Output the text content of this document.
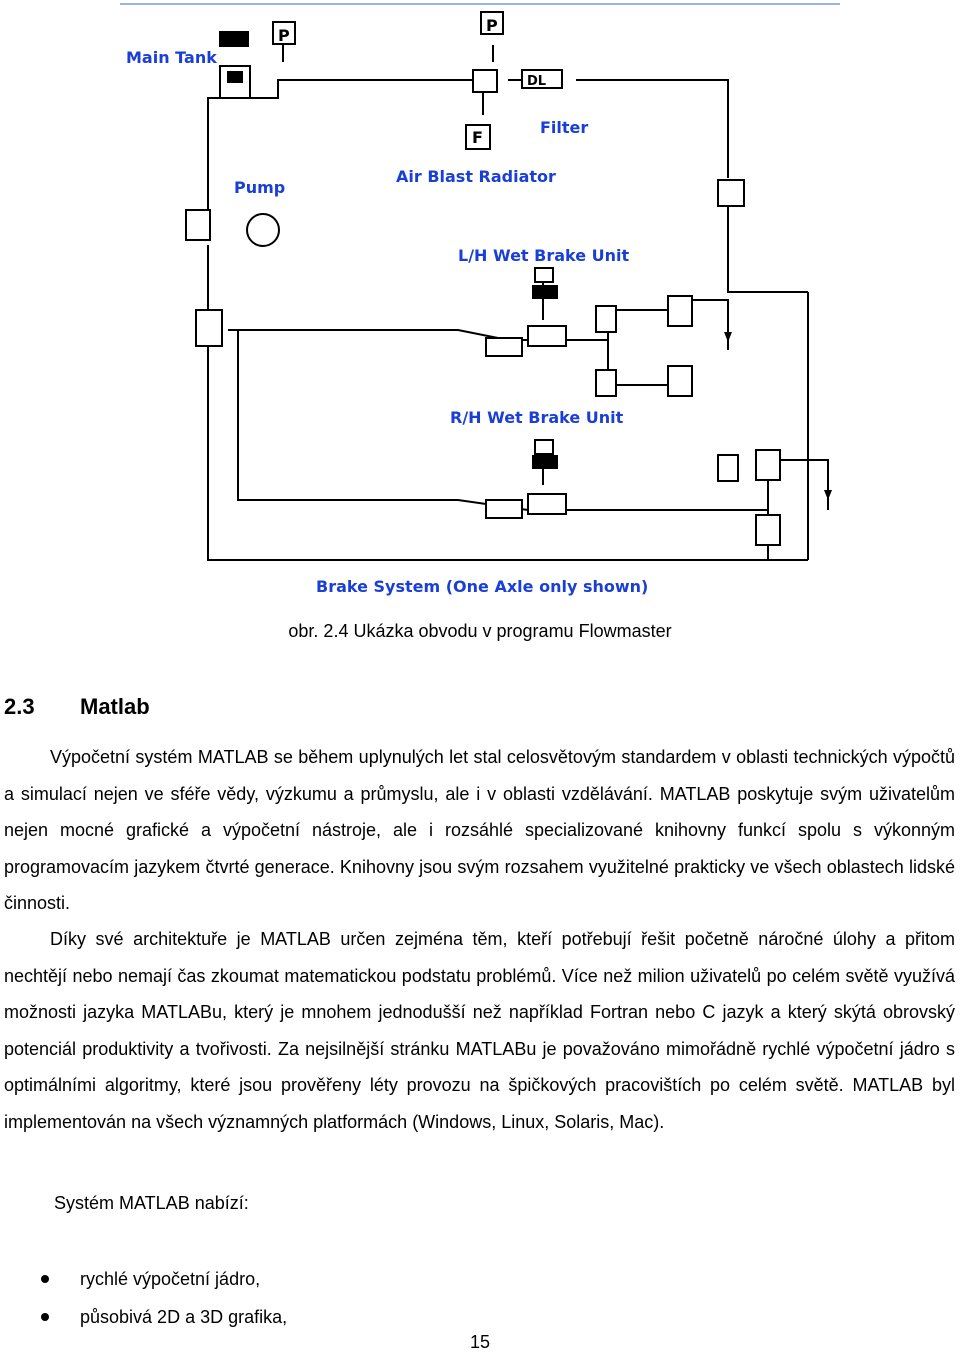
Main Tank
P
P
DL
F
Filter
Air Blast Radiator
Pump
L/H Wet Brake Unit
R/H Wet Brake Unit
Brake System (One Axle only shown)
obr. 2.4 Ukázka obvodu v programu Flowmaster
2.3 Matlab

Výpočetní systém MATLAB se během uplynulých let stal celosvětovým standardem v oblasti technických výpočtů a simulací nejen ve sféře vědy, výzkumu a průmyslu, ale i v oblasti vzdělávání. MATLAB poskytuje svým uživatelům nejen mocné grafické a výpočetní nástroje, ale i rozsáhlé specializované knihovny funkcí spolu s výkonným programovacím jazykem čtvrté generace. Knihovny jsou svým rozsahem využitelné prakticky ve všech oblastech lidské činnosti.

Díky své architektuře je MATLAB určen zejména těm, kteří potřebují řešit početně náročné úlohy a přitom nechtějí nebo nemají čas zkoumat matematickou podstatu problémů. Více než milion uživatelů po celém světě využívá možnosti jazyka MATLABu, který je mnohem jednodušší než například Fortran nebo C jazyk a který skýtá obrovský potenciál produktivity a tvořivosti. Za nejsilnější stránku MATLABu je považováno mimořádně rychlé výpočetní jádro s optimálními algoritmy, které jsou prověřeny léty provozu na špičkových pracovištích po celém světě. MATLAB byl implementován na všech významných platformách (Windows, Linux, Solaris, Mac).

Systém MATLAB nabízí:
rychlé výpočetní jádro,
působivá 2D a 3D grafika,
15
